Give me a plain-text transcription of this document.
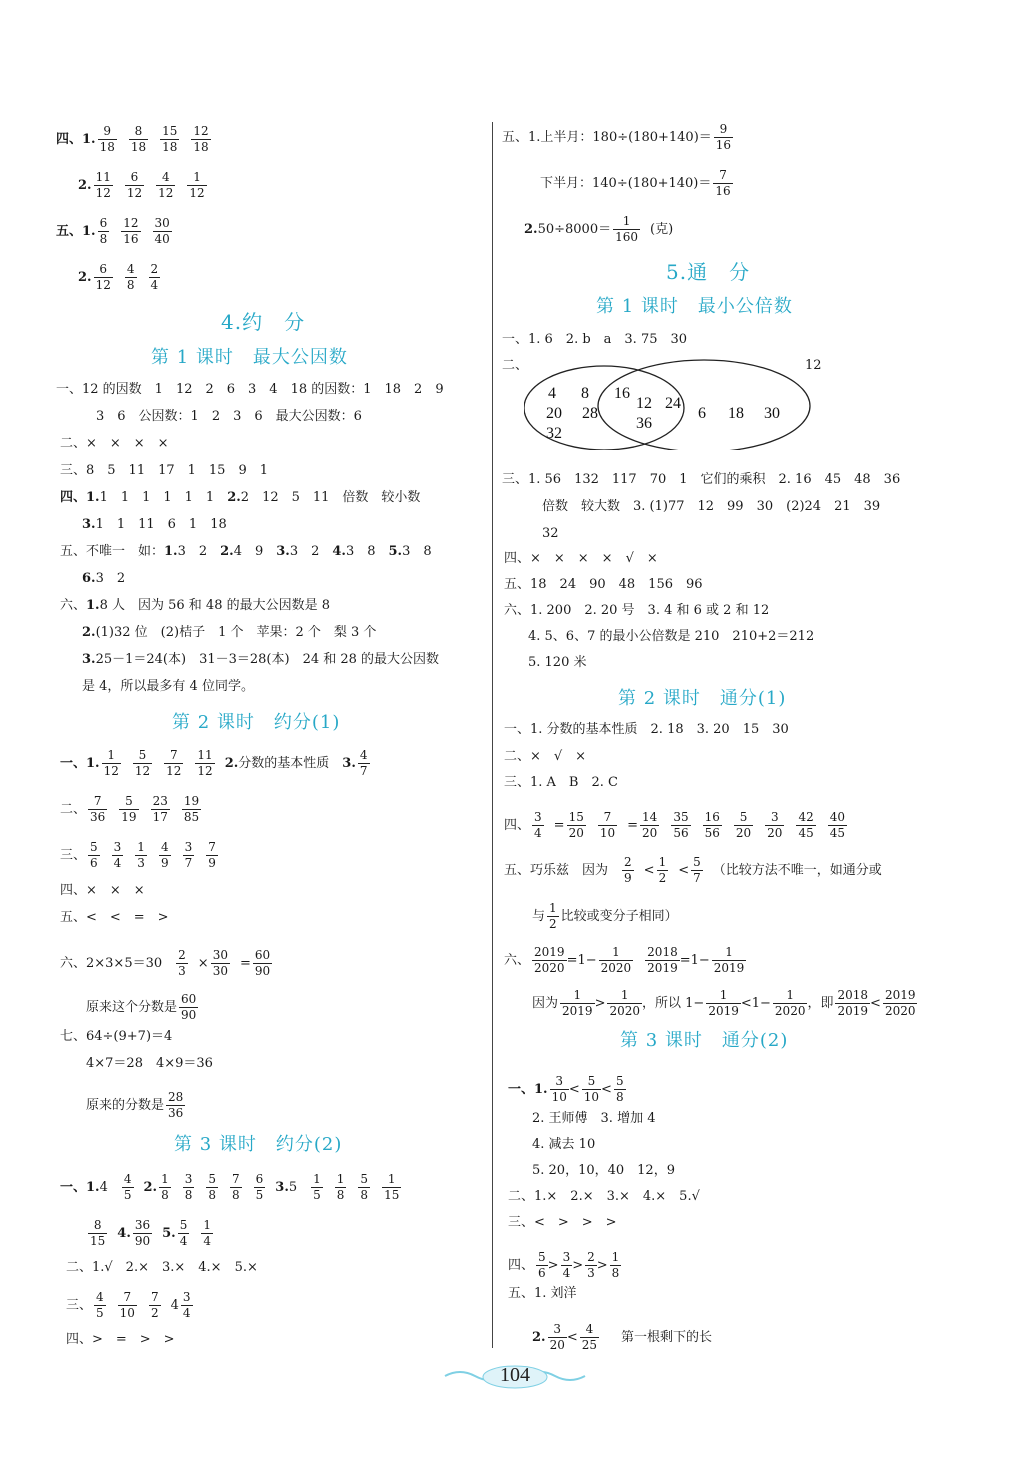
四、1. $\frac{9}{18} \frac{8}{18} \frac{15}{18} \frac{12}{18}$
2. $\frac{11}{12} \frac{6}{12} \frac{4}{12} \frac{1}{12}$
五、1. $\frac{6}{8} \frac{12}{16} \frac{30}{40}$
2. $\frac{6}{12} \frac{4}{8} \frac{2}{4}$
4.约　分
第 1 课时　最大公因数
一、12 的因数　1　12　2　6　3　4　18 的因数：1　18　2　9
3　6　公因数：1　2　3　6　最大公因数：6
二、×　×　×　×
三、8　5　11　17　1　15　9　1
四、1. 1　1　1　1　1　1　 2. 2　12　5　11　倍数　较小数
3. 1　1　11　6　1　18
五、不唯一　如： 1. 3　2　 2. 4　9　 3. 3　2　 4. 3　8　 5. 3　8
6. 3　2
六、 1. 8 人　因为 56 和 48 的最大公因数是 8
2. (1)32 位　(2)桔子　1 个　苹果：2 个　梨 3 个
3. 25－1＝24(本)　31－3＝28(本)　24 和 28 的最大公因数
是 4，所以最多有 4 位同学。
第 2 课时　约分(1)
一、1. $\frac{1}{12} \frac{5}{12} \frac{7}{12} \frac{11}{12} 2$. 分数的基本性质　 3. $\frac{4}{7}$
二、 $\frac{7}{36} \frac{5}{19} \frac{23}{17} \frac{19}{85}$
三、 $\frac{5}{6} \frac{3}{4} \frac{1}{3} \frac{4}{9} \frac{3}{7} \frac{7}{9}$
四、×　×　×
五、<　<　=　>
六、$2\times 3\times 5=30 \frac{2}{3} \times \frac{30}{30} = \frac{60}{90}$
原来这个分数是 $\frac{60}{90}$
七、64÷(9+7)＝4
4×7＝28　4×9＝36
原来的分数是 $\frac{28}{36}$
第 3 课时　约分(2)
一、1. $4 \frac{4}{5} 2$. $\frac{1}{8} \frac{3}{8} \frac{5}{8} \frac{7}{8} \frac{6}{5} 3$. $5 \frac{1}{5} \frac{1}{8} \frac{5}{8} \frac{1}{15}$
$\frac{8}{15} 4$. $\frac{36}{90} 5$. $\frac{5}{4} \frac{1}{4}$
二、1.√　2.×　3.×　4.×　5.×
三、 $\frac{4}{5} \frac{7}{10} \frac{7}{2} 4 \frac{3}{4}$
四、>　=　>　>
五、1.上半月：$180\div(180+140)= \frac{9}{16}$
下半月：$140\div(180+140)= \frac{7}{16}$
2. $50\div 8000= \frac{1}{160}$ (克)
5.通　分
第 1 课时　最小公倍数
一、1. 6　2. b　a　3. 75　30
二、
4 8 16
20 28
32
12 24
36
6 18 30
12
三、1. 56　132　117　70　1　它们的乘积　2. 16　45　48　36
倍数　较大数　3. (1)77　12　99　30　(2)24　21　39
32
四、×　×　×　×　√　×
五、18　24　90　48　156　96
六、1. 200　2. 20 号　3. 4 和 6 或 2 和 12
4. 5、6、7 的最小公倍数是 210　210+2＝212
5. 120 米
第 2 课时　通分(1)
一、1. 分数的基本性质　2. 18　3. 20　15　30
二、×　√　×
三、1. A　B　2. C
四、 $\frac{3}{4} = \frac{15}{20} \frac{7}{10} = \frac{14}{20} \frac{35}{56} \frac{16}{56} \frac{5}{20} \frac{3}{20} \frac{42}{45} \frac{40}{45}$
五、巧乐兹　因为 $\frac{2}{9} < \frac{1}{2} < \frac{5}{7}$ （比较方法不唯一，如通分或
与 $\frac{1}{2}$ 比较或变分子相同）
六、 $\frac{2019}{2020} =1- \frac{1}{2020} \frac{2018}{2019} =1- \frac{1}{2019}$
因为 $\frac{1}{2019} > \frac{1}{2020}$ ，所以 $1- \frac{1}{2019} <1- \frac{1}{2020}$ ，即 $\frac{2018}{2019} < \frac{2019}{2020}$
第 3 课时　通分(2)
一、1. $\frac{3}{10} < \frac{5}{10} < \frac{5}{8}$
2. 王师傅　3. 增加 4
4. 减去 10
5. 20，10，40　12，9
二、1.×　2.×　3.×　4.×　5.√
三、<　>　>　>
四、 $\frac{5}{6} > \frac{3}{4} > \frac{2}{3} > \frac{1}{8}$
五、1. 刘洋
2. $\frac{3}{20} < \frac{4}{25}$ 第一根剩下的长
104
